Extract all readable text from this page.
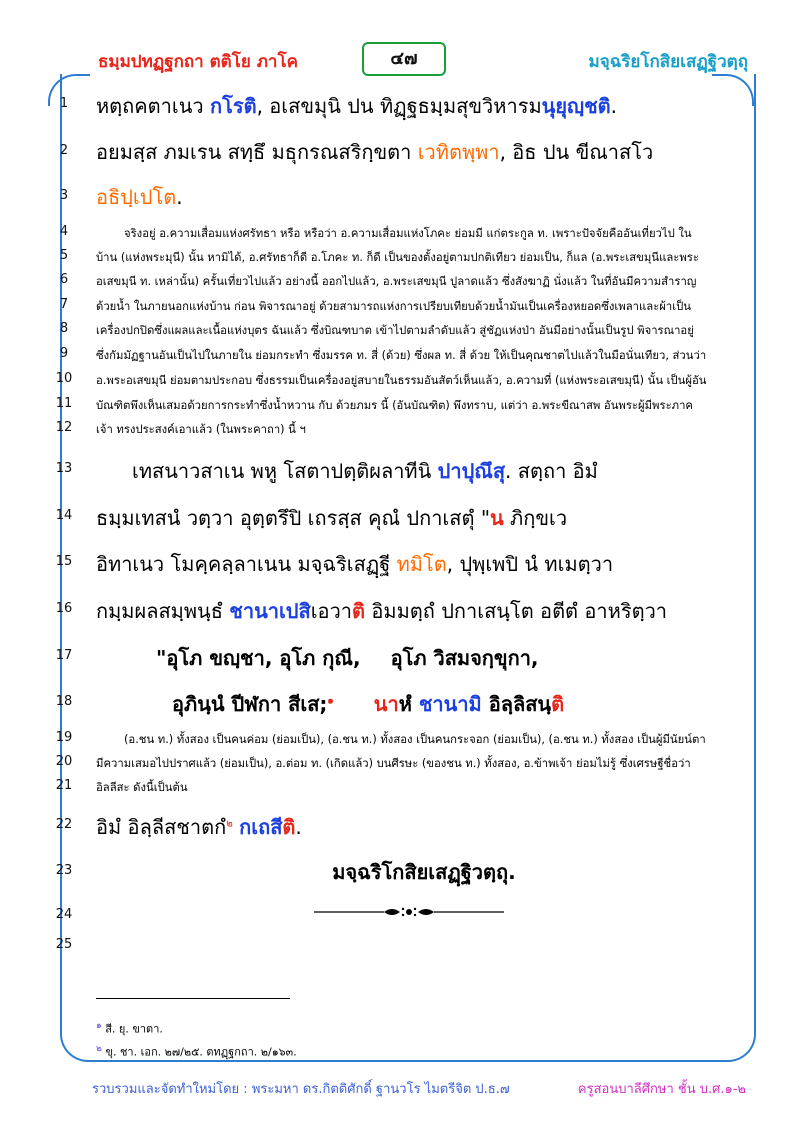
ธมฺมปทฏฺฐกถา ตติโย ภาโค	๔๗	มจฺฉริยโกสิยเสฏฺฐิวตฺถุ
1
2
3
4
5
6
7
8
9
10
11
12
13
14
15
16
17
18
19
20
21
22
23
24
25
หตฺถคตาเนว กโรติ, อเสขมุนิ ปน ทิฏฺฐธมฺมสุขวิหารมนุยุญฺชติ.
อยมสฺส ภมเรน สทฺธึ มธุกรณสริกฺขตา เวทิตพฺพา, อิธ ปน ขีณาสโว
อธิปฺเปโต.
จริงอยู่ อ.ความเสื่อมแห่งศรัทธา หรือ หรือว่า อ.ความเสื่อมแห่งโภคะ ย่อมมี แก่ตระกูล ท. เพราะปัจจัยคืออันเที่ยวไป ใน
บ้าน (แห่งพระมุนี) นั้น หามิได้, อ.ศรัทธาก็ดี อ.โภคะ ท. ก็ดี เป็นของตั้งอยู่ตามปกติเทียว ย่อมเป็น, ก็แล (อ.พระเสขมุนีและพระ
อเสขมุนี ท. เหล่านั้น) ครั้นเที่ยวไปแล้ว อย่างนี้ ออกไปแล้ว, อ.พระเสขมุนี ปูลาดแล้ว ซึ่งสังฆาฏิ นั่งแล้ว ในที่อันมีความสำราญ
ด้วยน้ำ ในภายนอกแห่งบ้าน ก่อน พิจารณาอยู่ ด้วยสามารถแห่งการเปรียบเทียบด้วยน้ำมันเป็นเครื่องหยอดซึ่งเพลาและผ้าเป็น
เครื่องปกปิดซึ่งแผลและเนื้อแห่งบุตร ฉันแล้ว ซึ่งบิณฑบาต เข้าไปตามลำดับแล้ว สู่ชัฏแห่งป่า อันมีอย่างนั้นเป็นรูป พิจารณาอยู่
ซึ่งกัมมัฏฐานอันเป็นไปในภายใน ย่อมกระทำ ซึ่งมรรค ท. สี่ (ด้วย) ซึ่งผล ท. สี่ ด้วย ให้เป็นคุณชาตไปแล้วในมือนั่นเทียว, ส่วนว่า
อ.พระอเสขมุนี ย่อมตามประกอบ ซึ่งธรรมเป็นเครื่องอยู่สบายในธรรมอันสัตว์เห็นแล้ว, อ.ความที่ (แห่งพระอเสขมุนี) นั้น เป็นผู้อัน
บัณฑิตพึงเห็นเสมอด้วยการกระทำซึ่งน้ำหวาน กับ ด้วยภมร นี้ (อันบัณฑิต) พึงทราบ, แต่ว่า อ.พระขีณาสพ อันพระผู้มีพระภาค
เจ้า ทรงประสงค์เอาแล้ว (ในพระคาถา) นี้ ฯ
เทสนาวสาเน พหู โสตาปตฺติผลาทีนิ ปาปุณึสุ. สตฺถา อิมํ
ธมฺมเทสนํ วตฺวา อุตฺตรึปิ เถรสฺส คุณํ ปกาเสตุํ "น ภิกฺขเว
อิทาเนว โมคฺคลฺลาเนน มจฺฉริเสฏฺฐี ทมิโต, ปุพฺเพปิ นํ ทเมตฺวา
กมฺมผลสมฺพนฺธํ ชานาเปสิเอวาติ อิมมตฺถํ ปกาเสนฺโต อตีตํ อาหริตฺวา
"อุโภ ขญฺชา, อุโภ กุณี, อุโภ วิสมจกฺขุกา,
อุภินฺนํ ปีฬกา สีเส;$^๑$ นาหํ ชานามิ อิลฺลิสนฺติ
(อ.ชน ท.) ทั้งสอง เป็นคนค่อม (ย่อมเป็น), (อ.ชน ท.) ทั้งสอง เป็นคนกระจอก (ย่อมเป็น), (อ.ชน ท.) ทั้งสอง เป็นผู้มีนัยน์ตา
มีความเสมอไปปราศแล้ว (ย่อมเป็น), อ.ต่อม ท. (เกิดแล้ว) บนศีรษะ (ของชน ท.) ทั้งสอง, อ.ข้าพเจ้า ย่อมไม่รู้ ซึ่งเศรษฐีชื่อว่า
อิลลีสะ ดังนี้เป็นต้น
อิมํ อิลฺลีสชาตกํ$^๒$ กเถสีติ.
มจฺฉริโกสิยเสฏฺฐิวตฺถุ.
$^๑$ สี. ยุ. ขาตา.
$^๒$ ขุ. ชา. เอก. ๒๗/๒๕. ตทฏฺฐกถา. ๒/๑๖๓.
รวบรวมและจัดทำใหม่โดย : พระมหา ดร.กิตติศักดิ์ ฐานวโร ไมตรีจิต ป.ธ.๗	ครูสอนบาลีศึกษา ชั้น บ.ศ.๑-๒
